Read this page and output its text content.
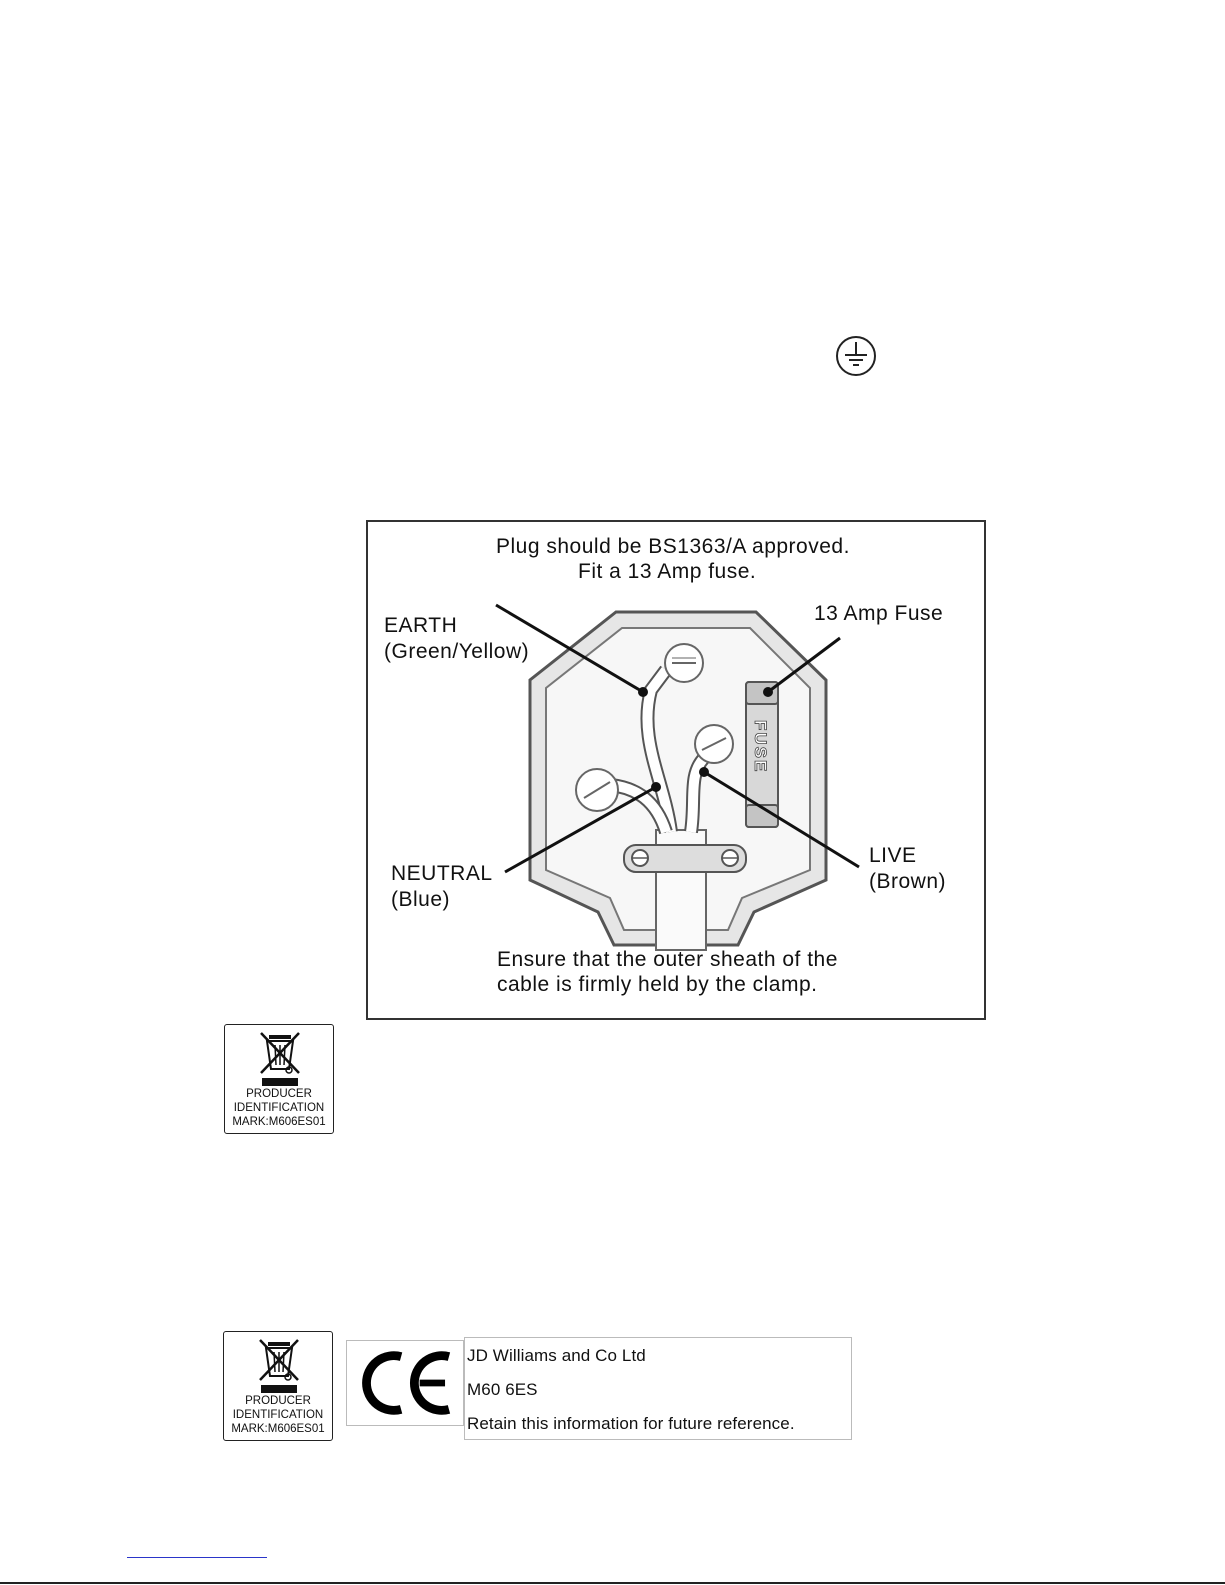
FUSE
Plug should be BS1363/A approved.
Fit a 13 Amp fuse.
EARTH
(Green/Yellow)
13 Amp Fuse
NEUTRAL
(Blue)
LIVE
(Brown)
Ensure that the outer sheath of the
cable is firmly held by the clamp.
PRODUCER
IDENTIFICATION
MARK:M606ES01
PRODUCER
IDENTIFICATION
MARK:M606ES01
JD Williams and Co Ltd
M60 6ES
Retain this information for future reference.
